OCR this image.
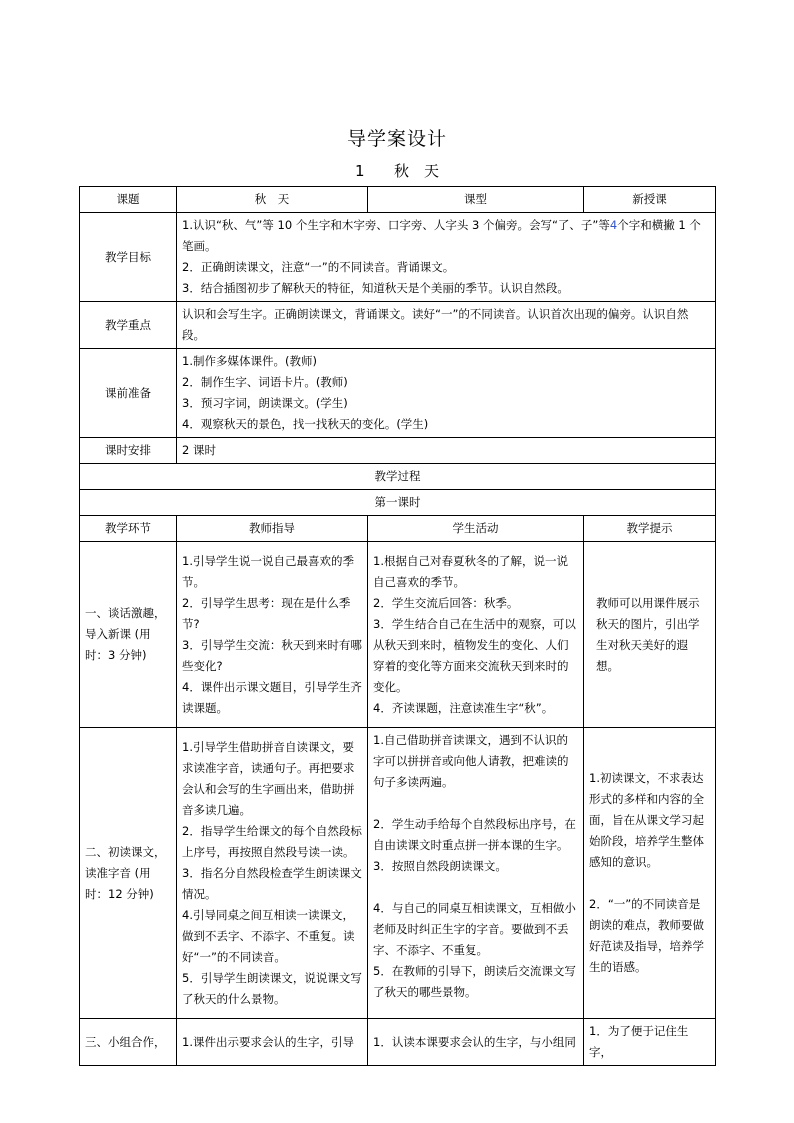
导学案设计
1 秋　天
课题	秋　天	课型	新授课
教学目标	1.认识“秋、气”等 10 个生字和木字旁、口字旁、人字头 3 个偏旁。会写“了、子”等4个字和横撇 1 个笔画。
2．正确朗读课文，注意“一”的不同读音。背诵课文。
3．结合插图初步了解秋天的特征，知道秋天是个美丽的季节。认识自然段。		

教学重点	认识和会写生字。正确朗读课文，背诵课文。读好“一”的不同读音。认识首次出现的偏旁。认识自然段。		
课前准备	1.制作多媒体课件。(教师)
2．制作生字、词语卡片。(教师)
3．预习字词，朗读课文。(学生)
4．观察秋天的景色，找一找秋天的变化。(学生)		

课时安排	2 课时		
教学过程			
第一课时			
教学环节	教师指导	学生活动	教学提示
一、谈话激趣，导入新课 (用时：3 分钟)	1.引导学生说一说自己最喜欢的季节。
2．引导学生思考：现在是什么季节?
3．引导学生交流：秋天到来时有哪些变化?
4．课件出示课文题目，引导学生齐读课题。	1.根据自己对春夏秋冬的了解，说一说自己喜欢的季节。
2．学生交流后回答：秋季。
3．学生结合自己在生活中的观察，可以从秋天到来时，植物发生的变化、人们穿着的变化等方面来交流秋天到来时的变化。
4．齐读课题，注意读准生字“秋”。	教师可以用课件展示秋天的图片，引出学生对秋天美好的遐想。

二、初读课文，读准字音 (用时：12 分钟)	1.引导学生借助拼音自读课文，要求读准字音，读通句子。再把要求会认和会写的生字画出来，借助拼音多读几遍。
2．指导学生给课文的每个自然段标上序号，再按照自然段号读一读。
3．指名分自然段检查学生朗读课文情况。
4.引导同桌之间互相读一读课文，做到不丢字、不添字、不重复。读好“一”的不同读音。
5．引导学生朗读课文，说说课文写了秋天的什么景物。	1.自己借助拼音读课文，遇到不认识的字可以拼拼音或向他人请教，把难读的句子多读两遍。
2．学生动手给每个自然段标出序号，在自由读课文时重点拼一拼本课的生字。
3．按照自然段朗读课文。
4．与自己的同桌互相读课文，互相做小老师及时纠正生字的字音。要做到不丢字、不添字、不重复。
5．在教师的引导下，朗读后交流课文写了秋天的哪些景物。	1.初读课文，不求表达形式的多样和内容的全面，旨在从课文学习起始阶段，培养学生整体感知的意识。
2．“一”的不同读音是朗读的难点，教师要做好范读及指导，培养学生的语感。

三、小组合作，	1.课件出示要求会认的生字，引导	1．认读本课要求会认的生字，与小组同	1．为了便于记住生字，
